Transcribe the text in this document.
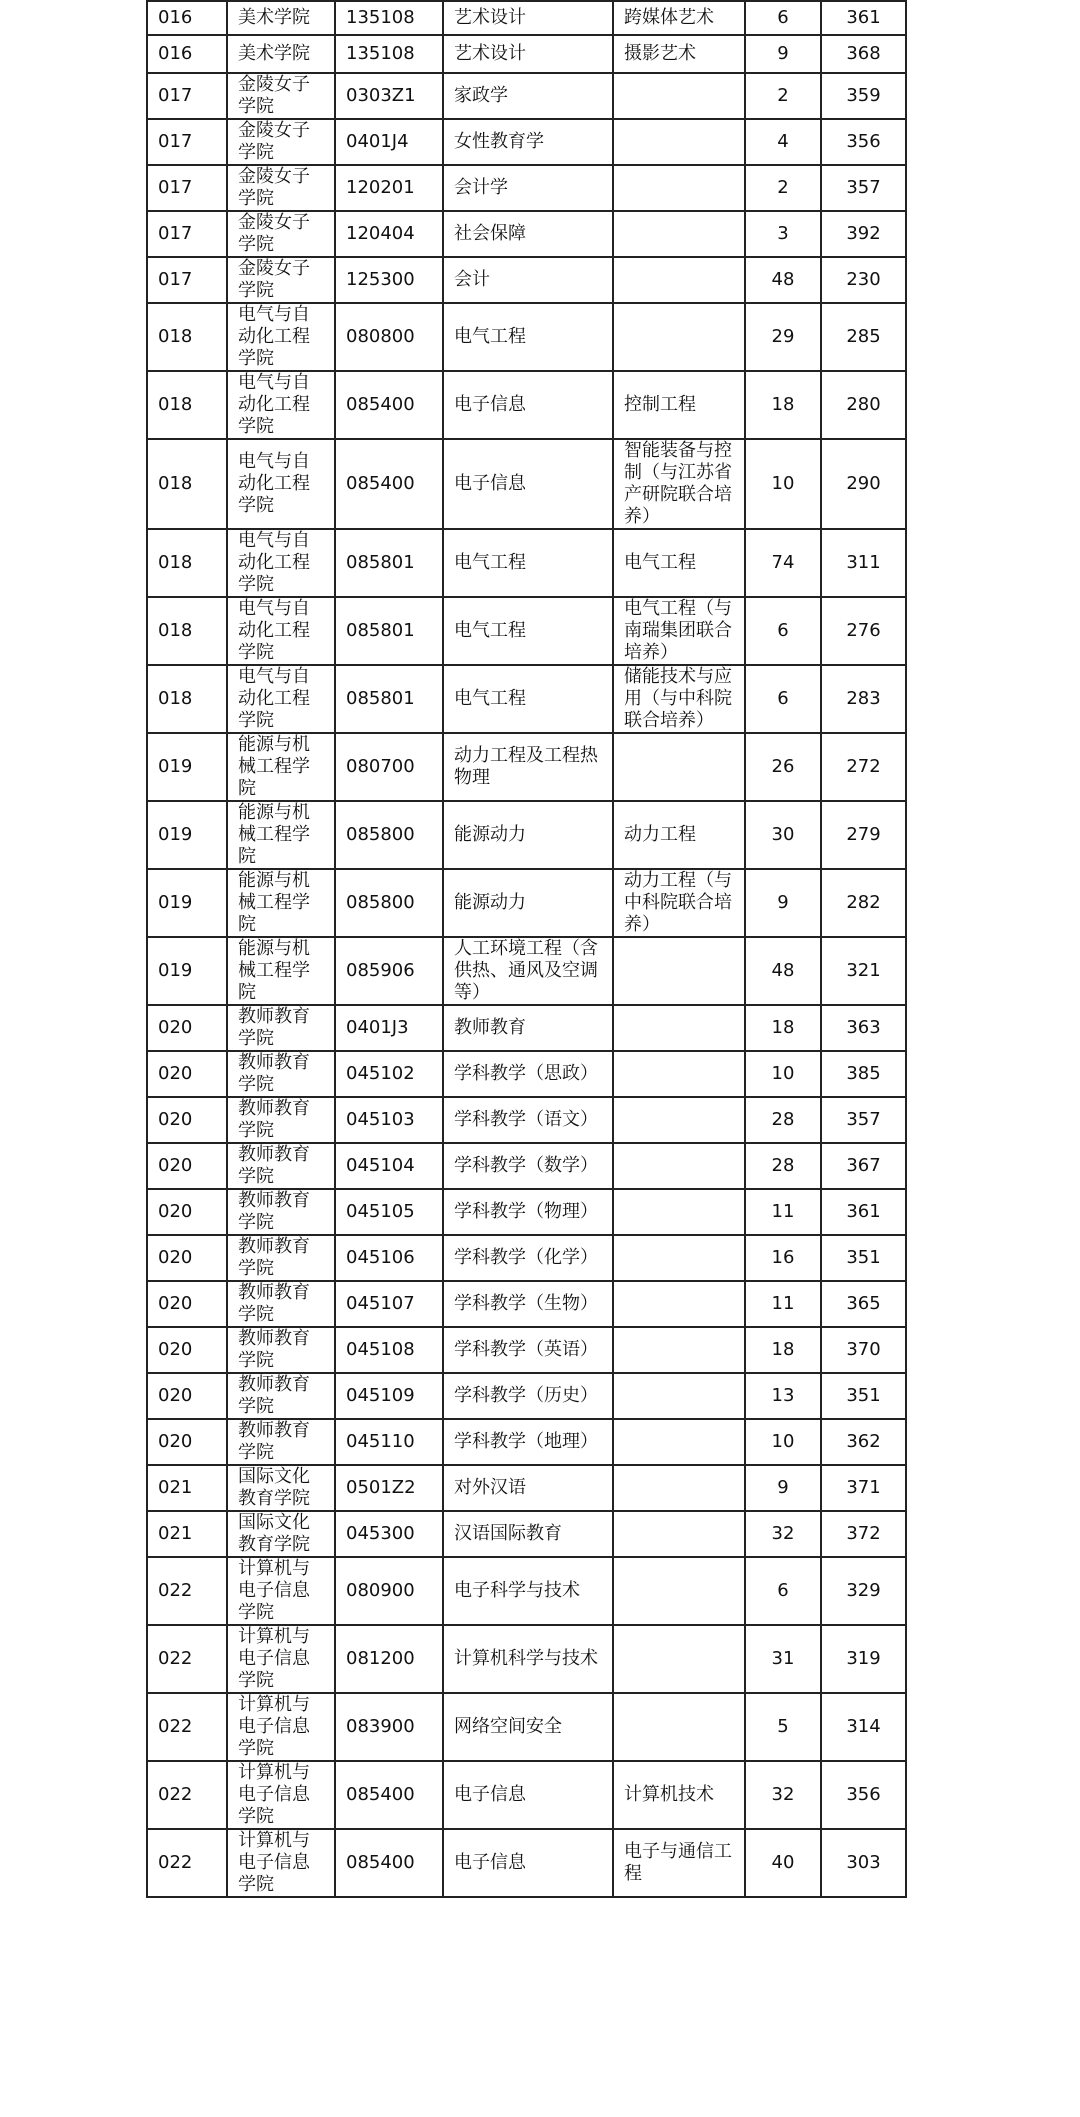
016	美术学院	135108	艺术设计	跨媒体艺术	6	361
016	美术学院	135108	艺术设计	摄影艺术	9	368
017	金陵女子学院	0303Z1	家政学		2	359
017	金陵女子学院	0401J4	女性教育学		4	356
017	金陵女子学院	120201	会计学		2	357
017	金陵女子学院	120404	社会保障		3	392
017	金陵女子学院	125300	会计		48	230
018	电气与自动化工程学院	080800	电气工程		29	285
018	电气与自动化工程学院	085400	电子信息	控制工程	18	280
018	电气与自动化工程学院	085400	电子信息	智能装备与控制（与江苏省产研院联合培养）	10	290
018	电气与自动化工程学院	085801	电气工程	电气工程	74	311
018	电气与自动化工程学院	085801	电气工程	电气工程（与南瑞集团联合培养）	6	276
018	电气与自动化工程学院	085801	电气工程	储能技术与应用（与中科院联合培养）	6	283
019	能源与机械工程学院	080700	动力工程及工程热物理		26	272
019	能源与机械工程学院	085800	能源动力	动力工程	30	279
019	能源与机械工程学院	085800	能源动力	动力工程（与中科院联合培养）	9	282
019	能源与机械工程学院	085906	人工环境工程（含供热、通风及空调等）		48	321
020	教师教育学院	0401J3	教师教育		18	363
020	教师教育学院	045102	学科教学（思政）		10	385
020	教师教育学院	045103	学科教学（语文）		28	357
020	教师教育学院	045104	学科教学（数学）		28	367
020	教师教育学院	045105	学科教学（物理）		11	361
020	教师教育学院	045106	学科教学（化学）		16	351
020	教师教育学院	045107	学科教学（生物）		11	365
020	教师教育学院	045108	学科教学（英语）		18	370
020	教师教育学院	045109	学科教学（历史）		13	351
020	教师教育学院	045110	学科教学（地理）		10	362
021	国际文化教育学院	0501Z2	对外汉语		9	371
021	国际文化教育学院	045300	汉语国际教育		32	372
022	计算机与电子信息学院	080900	电子科学与技术		6	329
022	计算机与电子信息学院	081200	计算机科学与技术		31	319
022	计算机与电子信息学院	083900	网络空间安全		5	314
022	计算机与电子信息学院	085400	电子信息	计算机技术	32	356
022	计算机与电子信息学院	085400	电子信息	电子与通信工程	40	303
